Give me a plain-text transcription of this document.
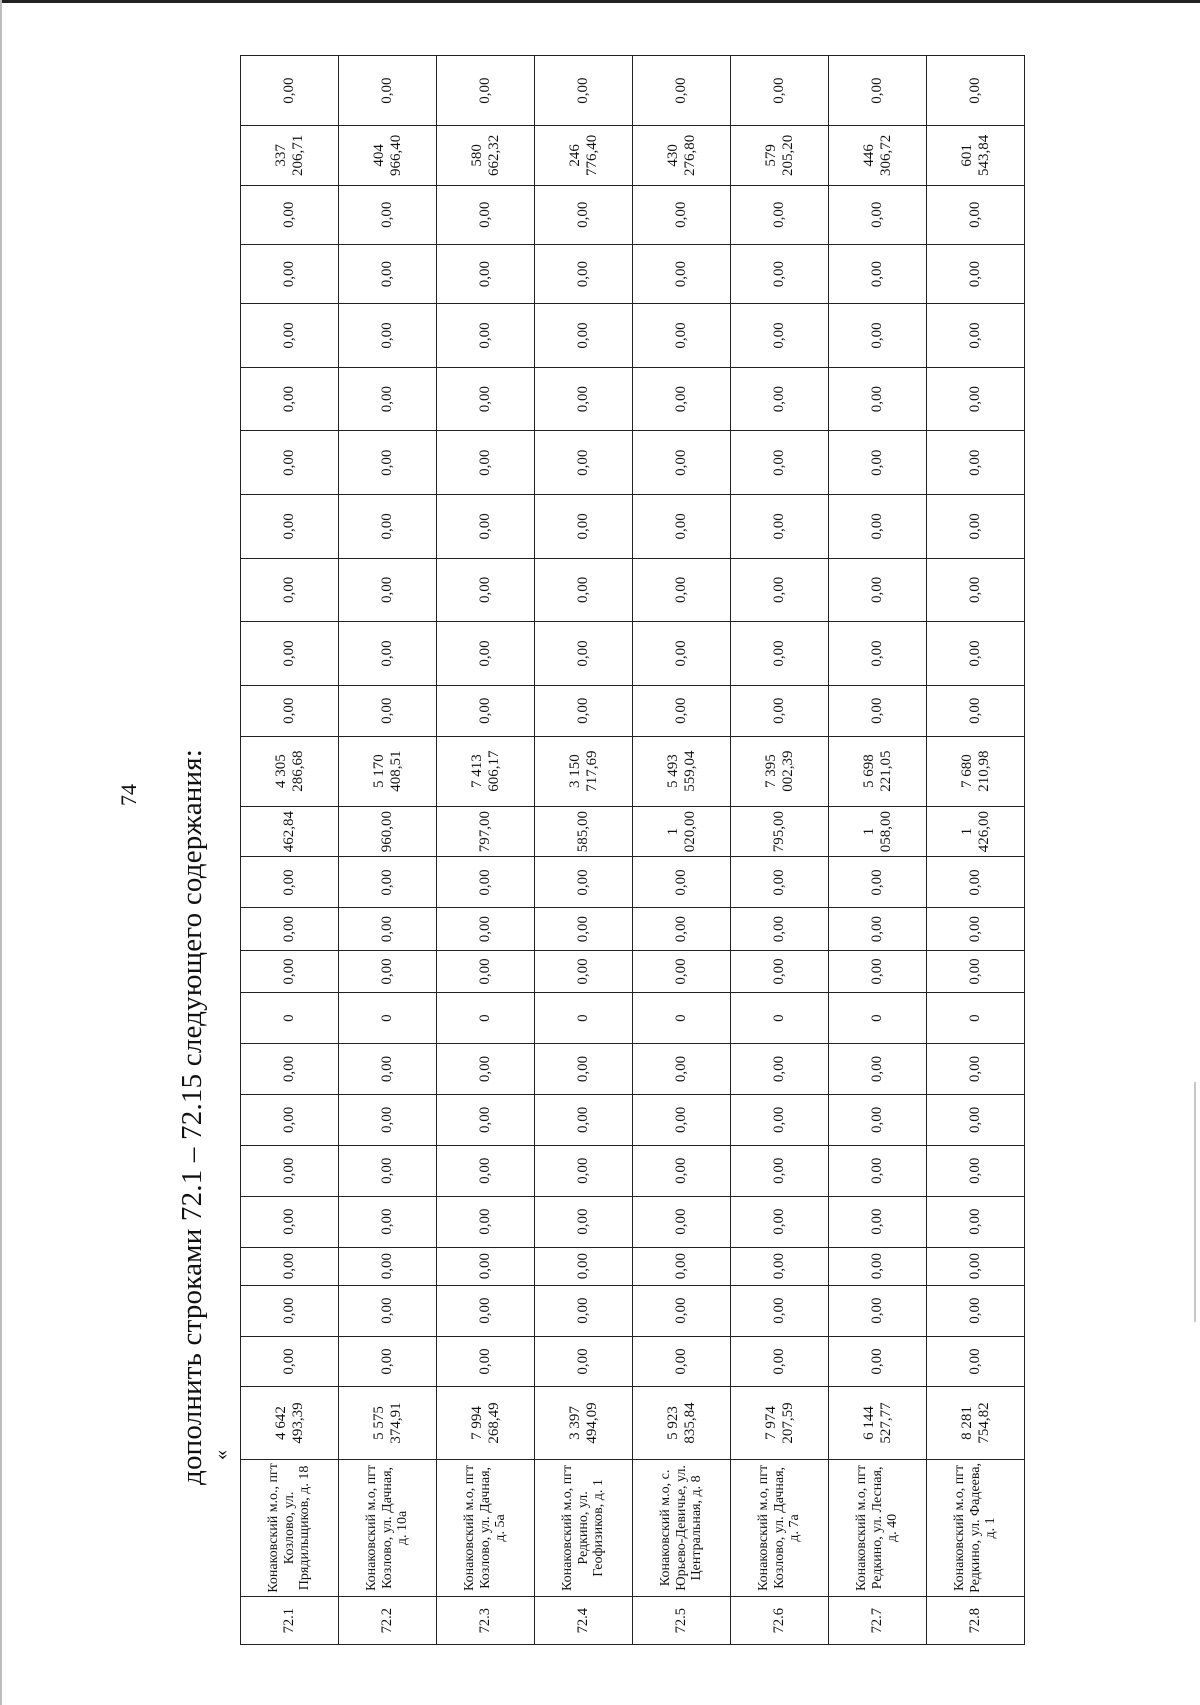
74 дополнить строками 72.1 – 72.15 следующего содержания: «
72.1	Конаковский м.о., пгт Козлово, ул. Прядильщиков, д. 18	4 642 493,39	0,00	0,00	0,00	0,00	0,00	0,00	0,00	0	0,00	0,00	0,00	462,84	4 305 286,68	0,00	0,00	0,00	0,00	0,00	0,00	0,00	0,00	0,00	337 206,71	0,00
72.2	Конаковский м.о, пгт Козлово, ул. Дачная, д. 10а	5 575 374,91	0,00	0,00	0,00	0,00	0,00	0,00	0,00	0	0,00	0,00	0,00	960,00	5 170 408,51	0,00	0,00	0,00	0,00	0,00	0,00	0,00	0,00	0,00	404 966,40	0,00
72.3	Конаковский м.о, пгт Козлово, ул. Дачная, д. 5а	7 994 268,49	0,00	0,00	0,00	0,00	0,00	0,00	0,00	0	0,00	0,00	0,00	797,00	7 413 606,17	0,00	0,00	0,00	0,00	0,00	0,00	0,00	0,00	0,00	580 662,32	0,00
72.4	Конаковский м.о, пгт Редкино, ул. Геофизиков, д. 1	3 397 494,09	0,00	0,00	0,00	0,00	0,00	0,00	0,00	0	0,00	0,00	0,00	585,00	3 150 717,69	0,00	0,00	0,00	0,00	0,00	0,00	0,00	0,00	0,00	246 776,40	0,00
72.5	Конаковский м.о, с. Юрьево-Девичье, ул. Центральная, д. 8	5 923 835,84	0,00	0,00	0,00	0,00	0,00	0,00	0,00	0	0,00	0,00	0,00	1 020,00	5 493 559,04	0,00	0,00	0,00	0,00	0,00	0,00	0,00	0,00	0,00	430 276,80	0,00
72.6	Конаковский м.о, пгт Козлово, ул. Дачная, д. 7а	7 974 207,59	0,00	0,00	0,00	0,00	0,00	0,00	0,00	0	0,00	0,00	0,00	795,00	7 395 002,39	0,00	0,00	0,00	0,00	0,00	0,00	0,00	0,00	0,00	579 205,20	0,00
72.7	Конаковский м.о, пгт Редкино, ул. Лесная, д. 40	6 144 527,77	0,00	0,00	0,00	0,00	0,00	0,00	0,00	0	0,00	0,00	0,00	1 058,00	5 698 221,05	0,00	0,00	0,00	0,00	0,00	0,00	0,00	0,00	0,00	446 306,72	0,00
72.8	Конаковский м.о, пгт Редкино, ул. Фадеева, д. 1	8 281 754,82	0,00	0,00	0,00	0,00	0,00	0,00	0,00	0	0,00	0,00	0,00	1 426,00	7 680 210,98	0,00	0,00	0,00	0,00	0,00	0,00	0,00	0,00	0,00	601 543,84	0,00
